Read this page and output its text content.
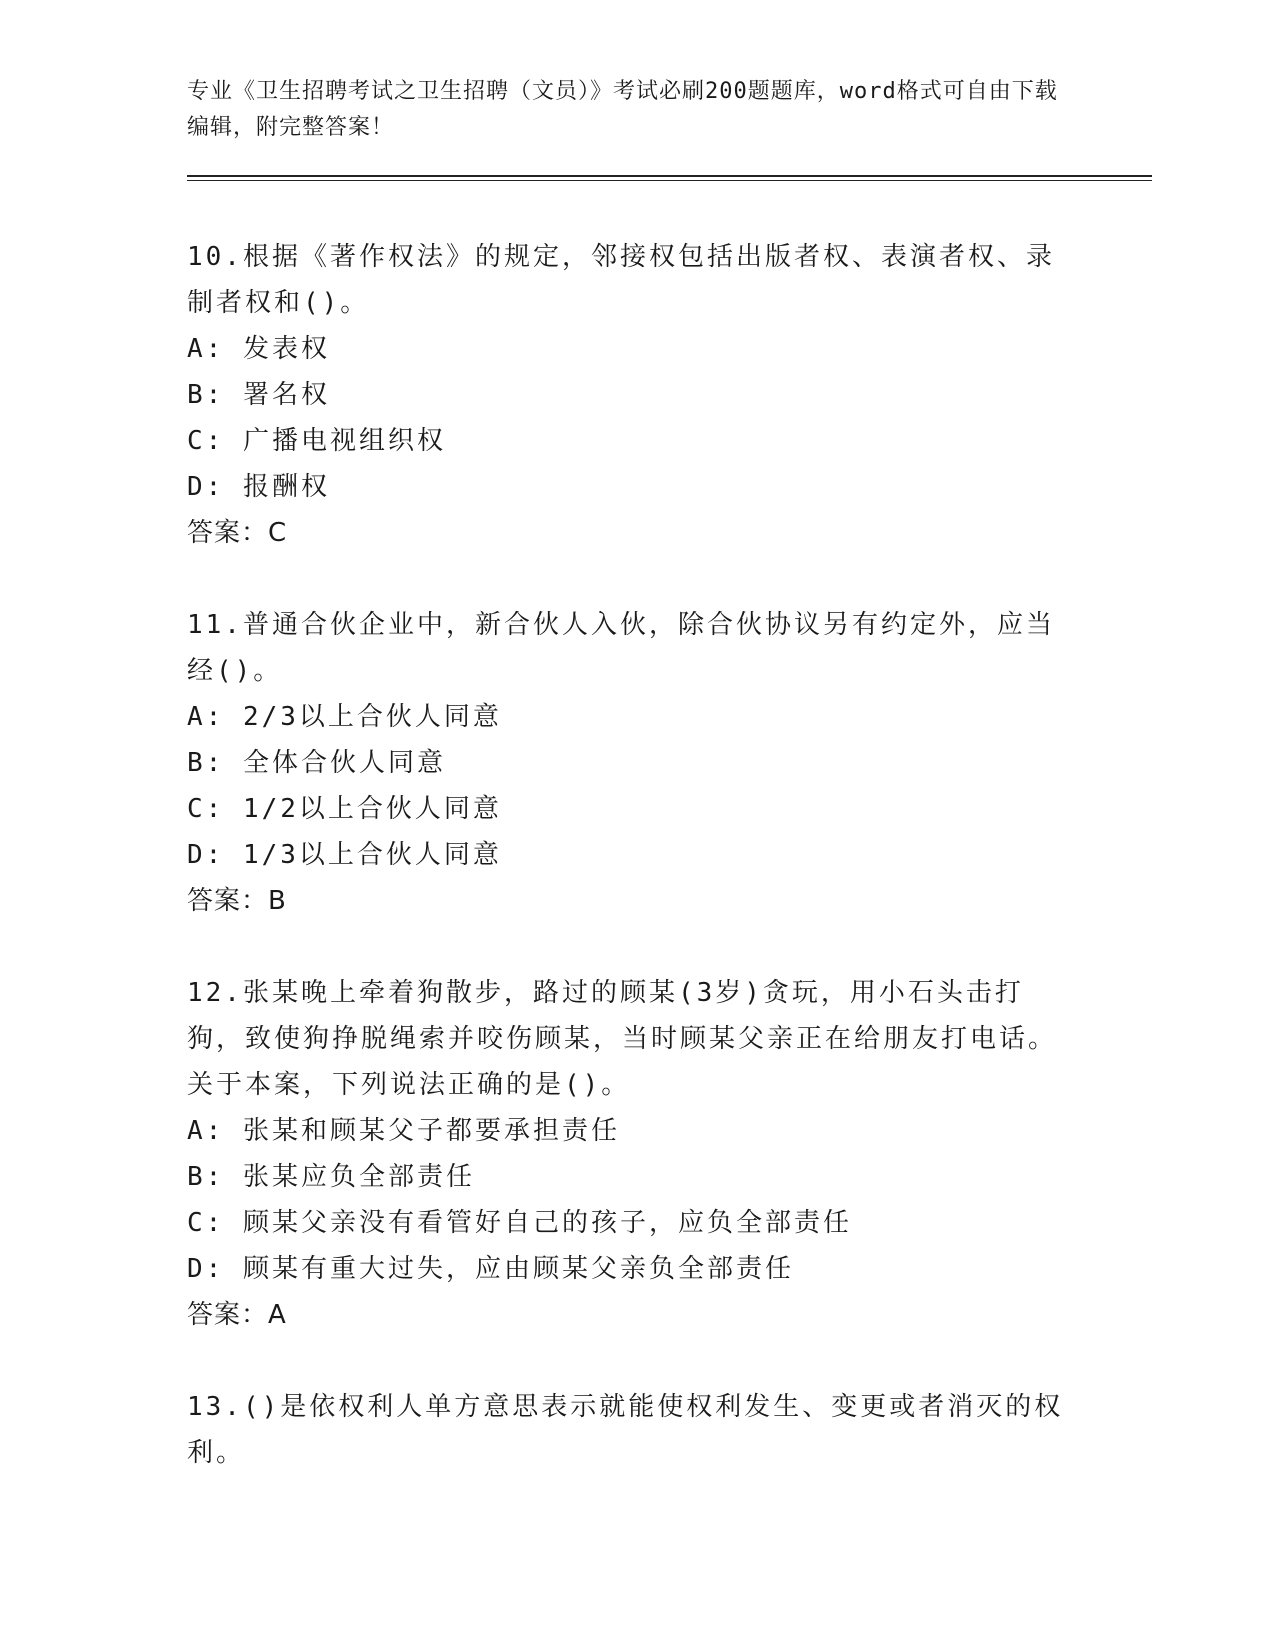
专业《卫生招聘考试之卫生招聘（文员）》考试必刷200题题库，word格式可自由下载编辑，附完整答案！
10.根据《著作权法》的规定，邻接权包括出版者权、表演者权、录制者权和()。
A: 发表权
B: 署名权
C: 广播电视组织权
D: 报酬权
答案：C
11.普通合伙企业中，新合伙人入伙，除合伙协议另有约定外，应当经()。
A: 2/3以上合伙人同意
B: 全体合伙人同意
C: 1/2以上合伙人同意
D: 1/3以上合伙人同意
答案：B
12.张某晚上牵着狗散步，路过的顾某(3岁)贪玩，用小石头击打狗，致使狗挣脱绳索并咬伤顾某，当时顾某父亲正在给朋友打电话。关于本案，下列说法正确的是()。
A: 张某和顾某父子都要承担责任
B: 张某应负全部责任
C: 顾某父亲没有看管好自己的孩子，应负全部责任
D: 顾某有重大过失，应由顾某父亲负全部责任
答案：A
13.()是依权利人单方意思表示就能使权利发生、变更或者消灭的权利。
